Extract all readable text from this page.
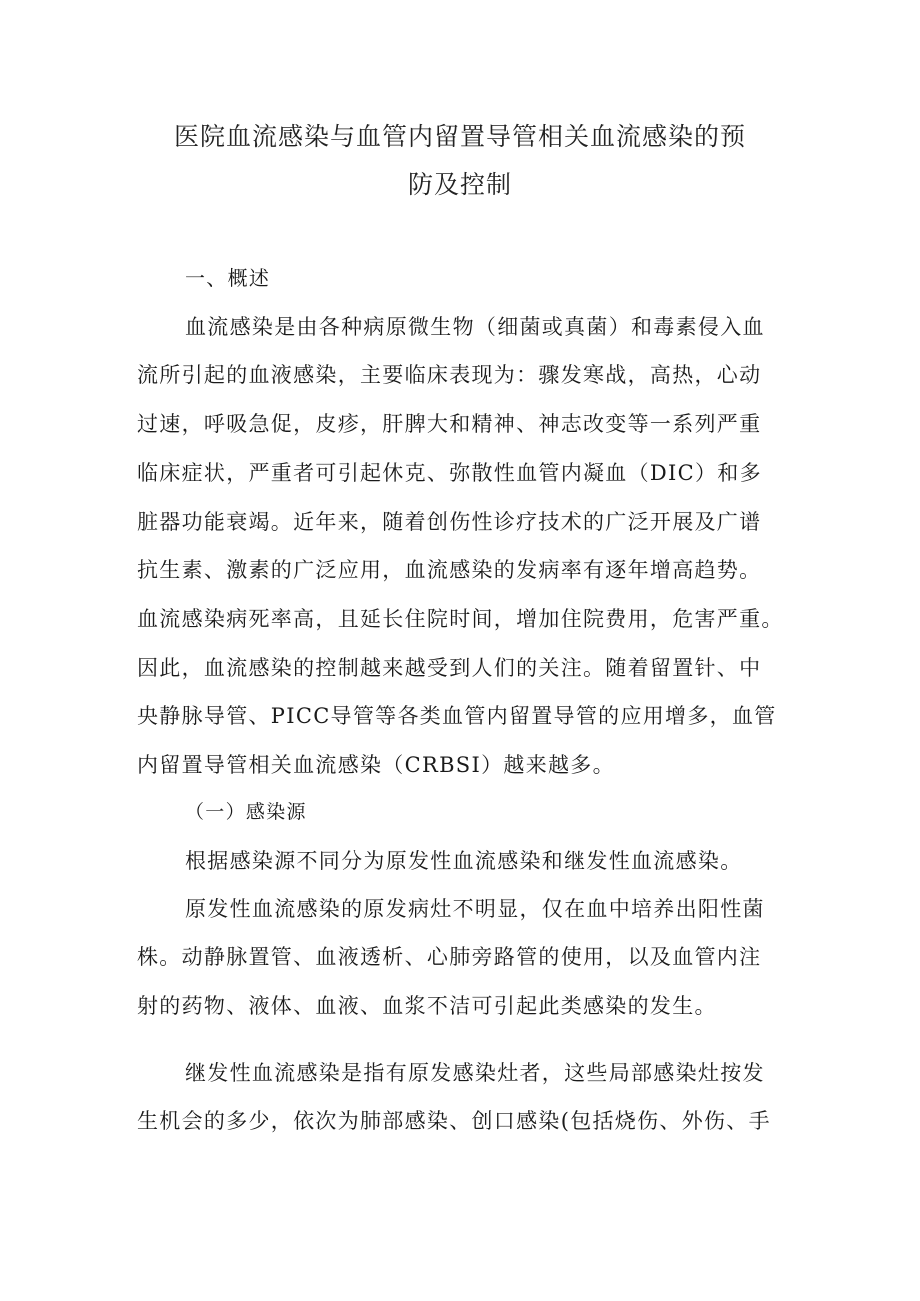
医院血流感染与血管内留置导管相关血流感染的预
防及控制
一、概述
血流感染是由各种病原微生物（细菌或真菌）和毒素侵入血
流所引起的血液感染，主要临床表现为：骤发寒战，高热，心动
过速，呼吸急促，皮疹，肝脾大和精神、神志改变等一系列严重
临床症状，严重者可引起休克、弥散性血管内凝血（DIC）和多
脏器功能衰竭。近年来，随着创伤性诊疗技术的广泛开展及广谱
抗生素、激素的广泛应用，血流感染的发病率有逐年增高趋势。
血流感染病死率高，且延长住院时间，增加住院费用，危害严重。
因此，血流感染的控制越来越受到人们的关注。随着留置针、中
央静脉导管、PICC导管等各类血管内留置导管的应用增多，血管
内留置导管相关血流感染（CRBSI）越来越多。
（一）感染源
根据感染源不同分为原发性血流感染和继发性血流感染。
原发性血流感染的原发病灶不明显，仅在血中培养出阳性菌
株。动静脉置管、血液透析、心肺旁路管的使用，以及血管内注
射的药物、液体、血液、血浆不洁可引起此类感染的发生。
继发性血流感染是指有原发感染灶者，这些局部感染灶按发
生机会的多少，依次为肺部感染、创口感染(包括烧伤、外伤、手
